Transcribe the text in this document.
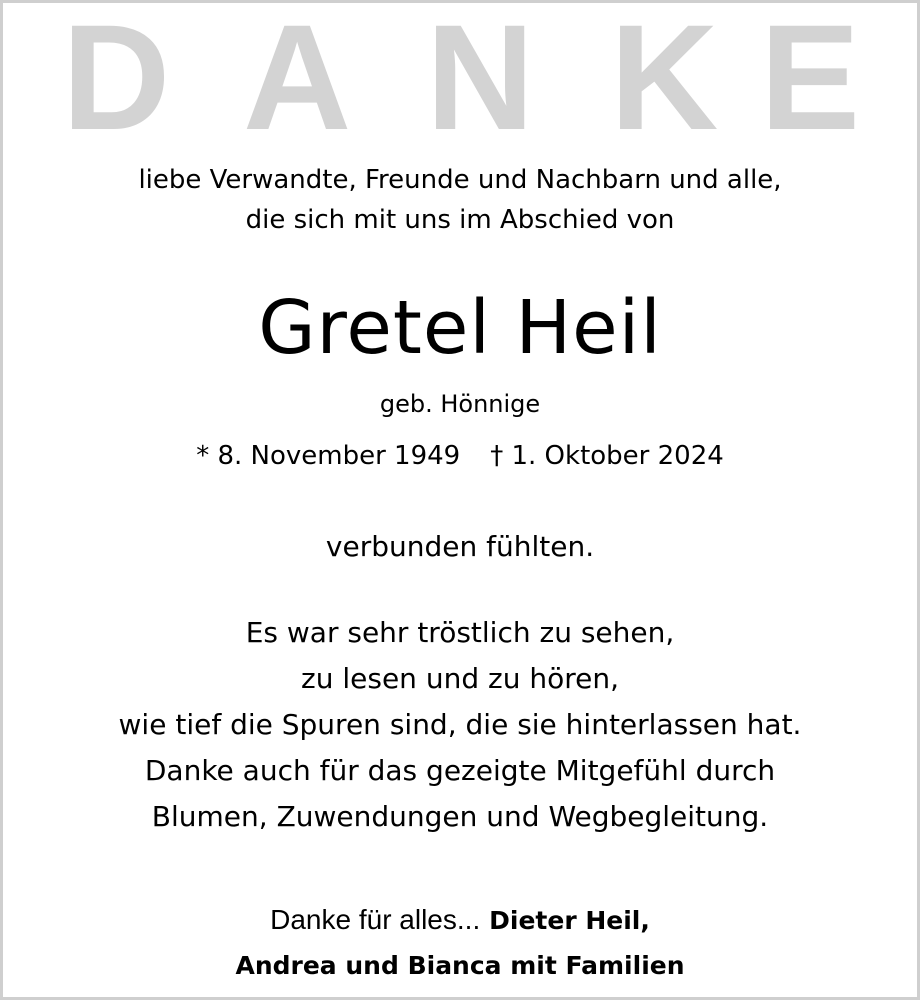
D A N K E
liebe Verwandte, Freunde und Nachbarn und alle,
die sich mit uns im Abschied von
Gretel Heil
geb. Hönnige
* 8. November 1949 † 1. Oktober 2024
verbunden fühlten.
Es war sehr tröstlich zu sehen,
zu lesen und zu hören,
wie tief die Spuren sind, die sie hinterlassen hat.
Danke auch für das gezeigte Mitgefühl durch
Blumen, Zuwendungen und Wegbegleitung.
Danke für alles... Dieter Heil,
Andrea und Bianca mit Familien
